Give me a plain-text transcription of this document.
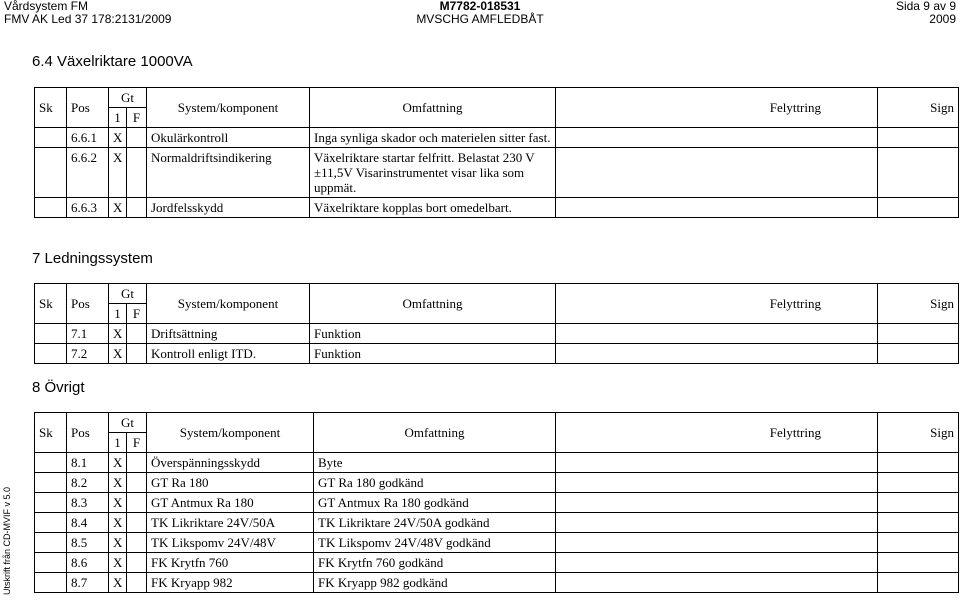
Vårdsystem FM
FMV AK Led 37 178:2131/2009
M7782-018531
MVSCHG AMFLEDBÅT
Sida 9 av 9
2009
6.4 Växelriktare 1000VA
Sk	Pos	Gt		System/komponent	Omfattning	Felyttring	Sign
		1	F				
	6.6.1	X		Okulärkontroll	Inga synliga skador och materielen sitter fast.		
	6.6.2	X		Normaldriftsindikering	Växelriktare startar felfritt. Belastat 230 V ±11,5V Visarinstrumentet visar lika som uppmät.		
	6.6.3	X		Jordfelsskydd	Växelriktare kopplas bort omedelbart.		
7 Ledningssystem
Sk	Pos	Gt		System/komponent	Omfattning	Felyttring	Sign
		1	F				
	7.1	X		Driftsättning	Funktion		
	7.2	X		Kontroll enligt ITD.	Funktion		
8 Övrigt
Sk	Pos	Gt		System/komponent	Omfattning	Felyttring	Sign
		1	F				
	8.1	X		Överspänningsskydd	Byte		
	8.2	X		GT Ra 180	GT Ra 180 godkänd		
	8.3	X		GT Antmux Ra 180	GT Antmux Ra 180 godkänd		
	8.4	X		TK Likriktare 24V/50A	TK Likriktare 24V/50A godkänd		
	8.5	X		TK Likspomv 24V/48V	TK Likspomv 24V/48V godkänd		
	8.6	X		FK Krytfn 760	FK Krytfn 760 godkänd		
	8.7	X		FK Kryapp 982	FK Kryapp 982 godkänd		
Utskrift från CD-MVIF v 5.0
